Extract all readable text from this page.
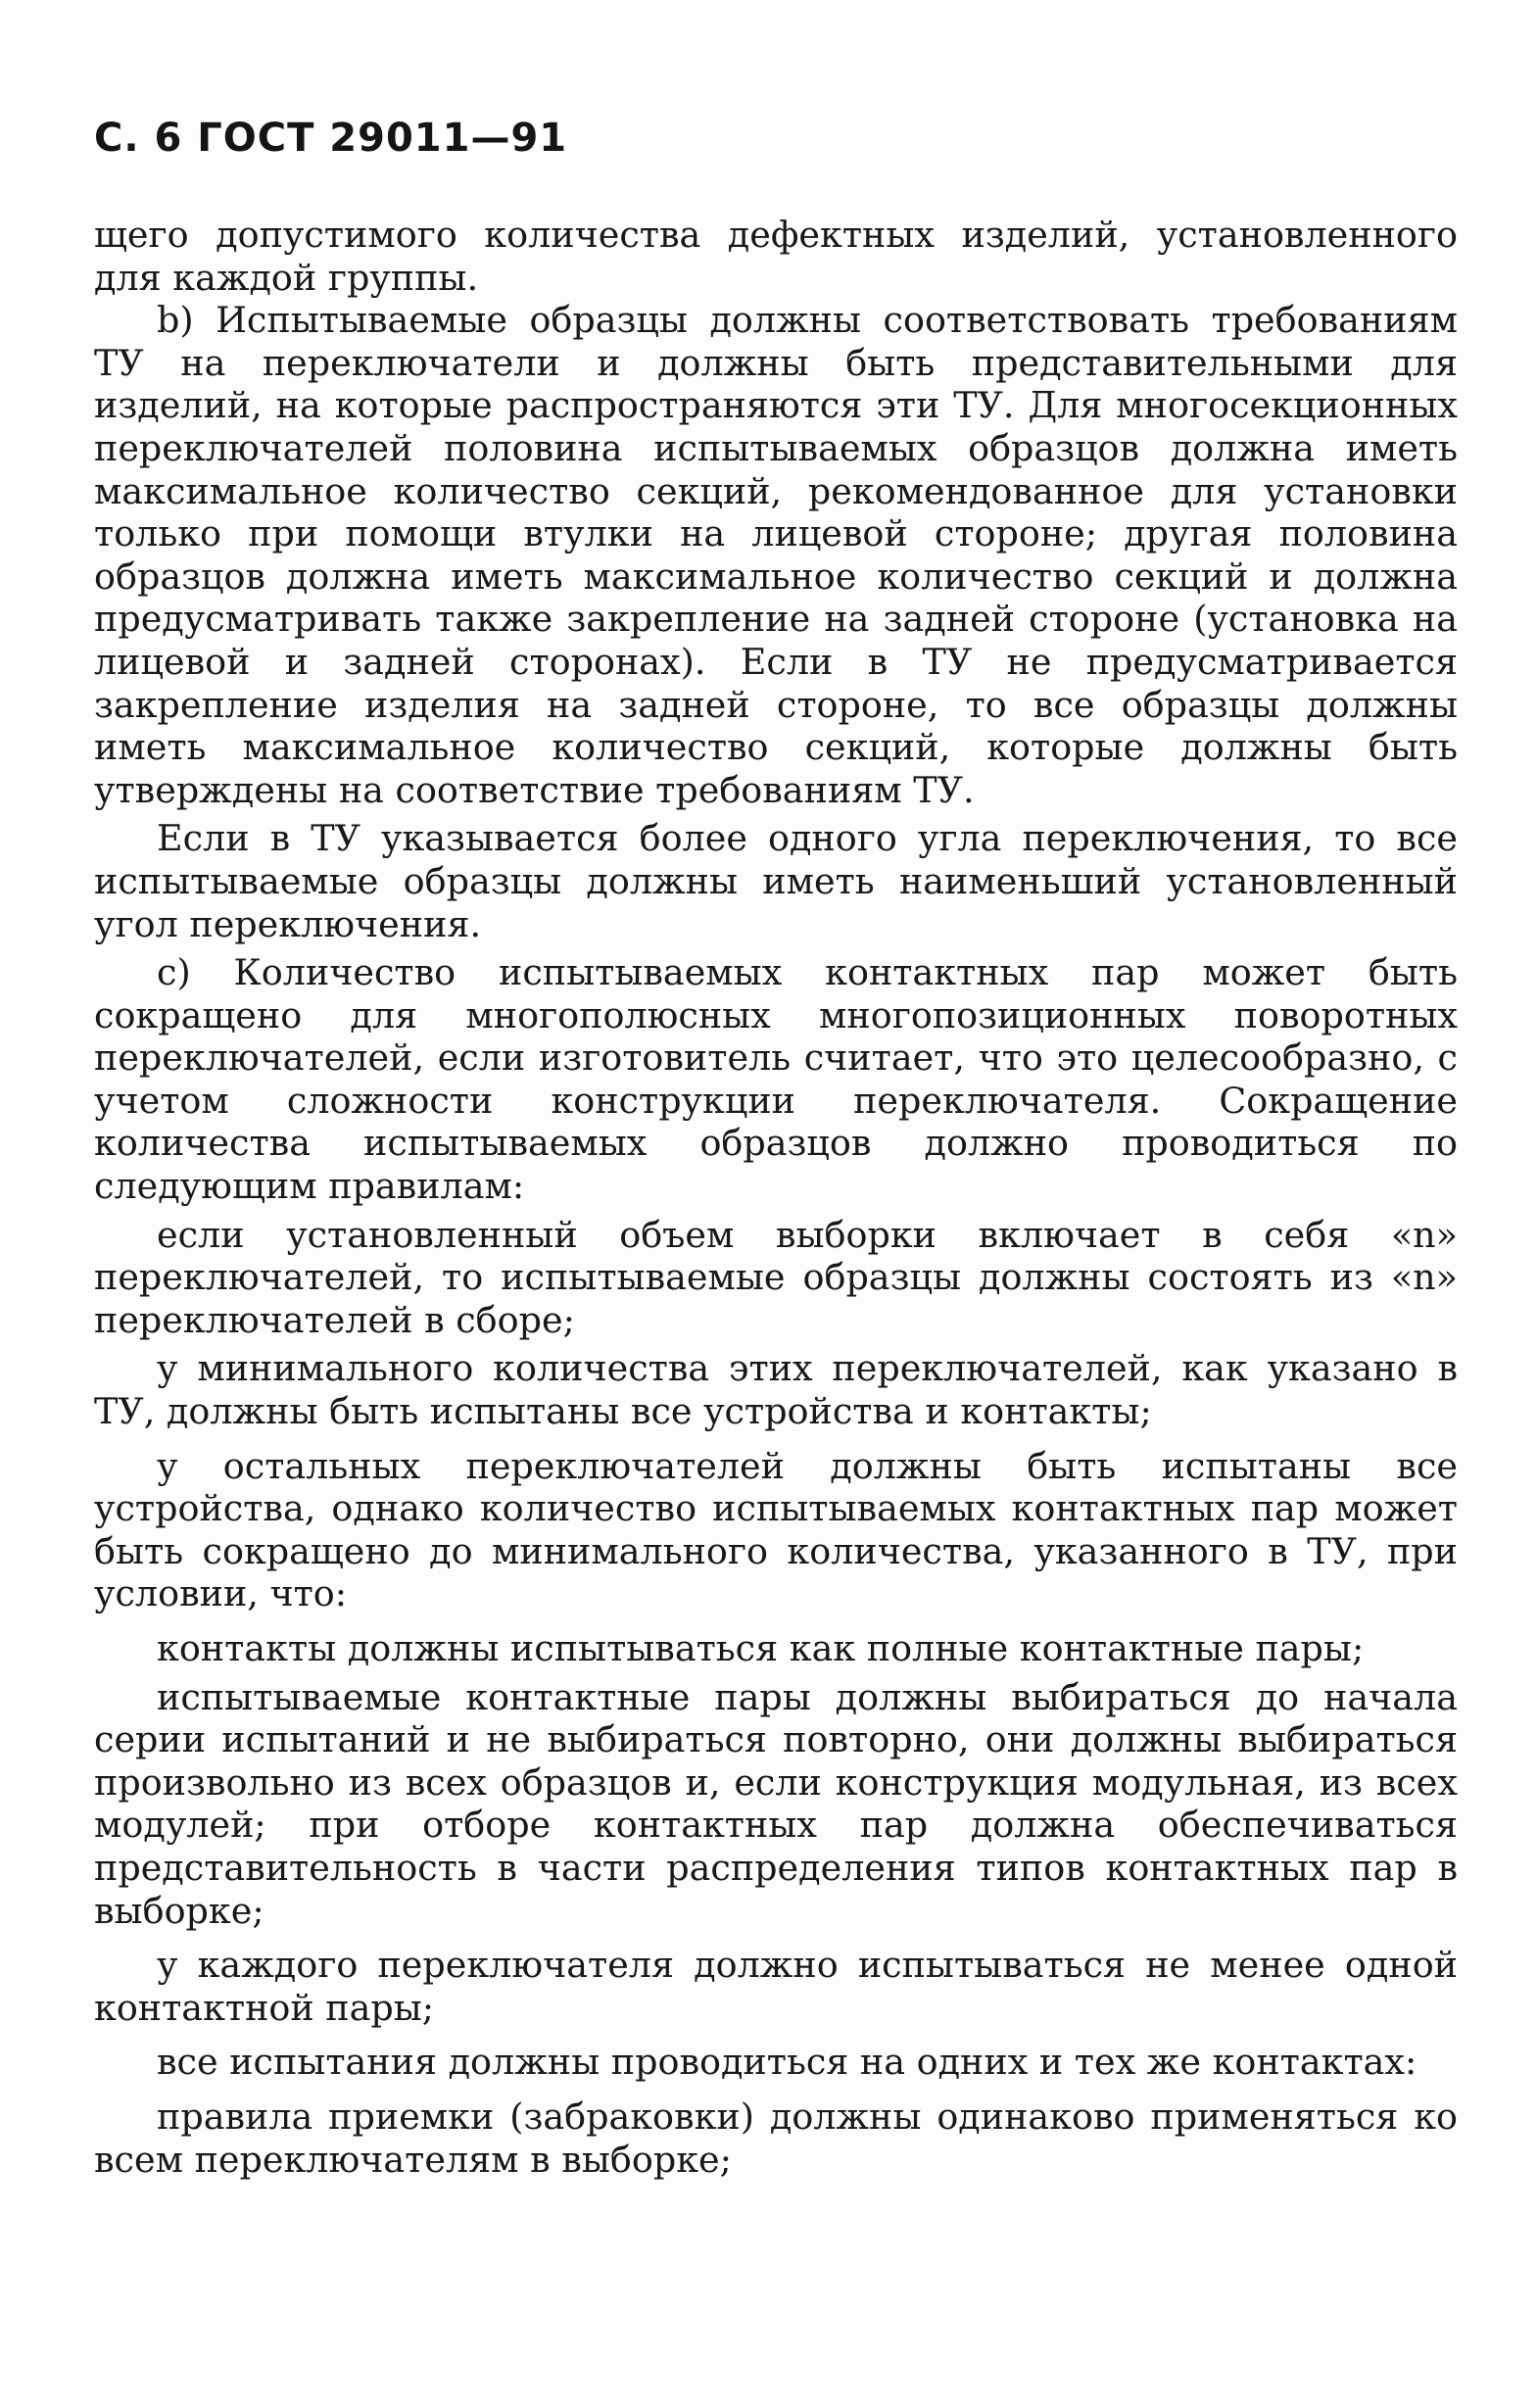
С. 6 ГОСТ 29011—91

щего допустимого количества дефектных изделий, установленного для каждой группы.

b) Испытываемые образцы должны соответствовать требованиям ТУ на переключатели и должны быть представительными для изделий, на которые распространяются эти ТУ. Для многосекционных переключателей половина испытываемых образцов должна иметь максимальное количество секций, рекомендованное для установки только при помощи втулки на лицевой стороне; другая половина образцов должна иметь максимальное количество секций и должна предусматривать также закрепление на задней стороне (установка на лицевой и задней сторонах). Если в ТУ не предусматривается закрепление изделия на задней стороне, то все образцы должны иметь максимальное количество секций, которые должны быть утверждены на соответствие требованиям ТУ.

Если в ТУ указывается более одного угла переключения, то все испытываемые образцы должны иметь наименьший установленный угол переключения.

c) Количество испытываемых контактных пар может быть сокращено для многополюсных многопозиционных поворотных переключателей, если изготовитель считает, что это целесообразно, с учетом сложности конструкции переключателя. Сокращение количества испытываемых образцов должно проводиться по следующим правилам:

если установленный объем выборки включает в себя «n» переключателей, то испытываемые образцы должны состоять из «n» переключателей в сборе;

у минимального количества этих переключателей, как указано в ТУ, должны быть испытаны все устройства и контакты;

у остальных переключателей должны быть испытаны все устройства, однако количество испытываемых контактных пар может быть сокращено до минимального количества, указанного в ТУ, при условии, что:

контакты должны испытываться как полные контактные пары;

испытываемые контактные пары должны выбираться до начала серии испытаний и не выбираться повторно, они должны выбираться произвольно из всех образцов и, если конструкция модульная, из всех модулей; при отборе контактных пар должна обеспечиваться представительность в части распределения типов контактных пар в выборке;

у каждого переключателя должно испытываться не менее одной контактной пары;

все испытания должны проводиться на одних и тех же контактах:

правила приемки (забраковки) должны одинаково применяться ко всем переключателям в выборке;
